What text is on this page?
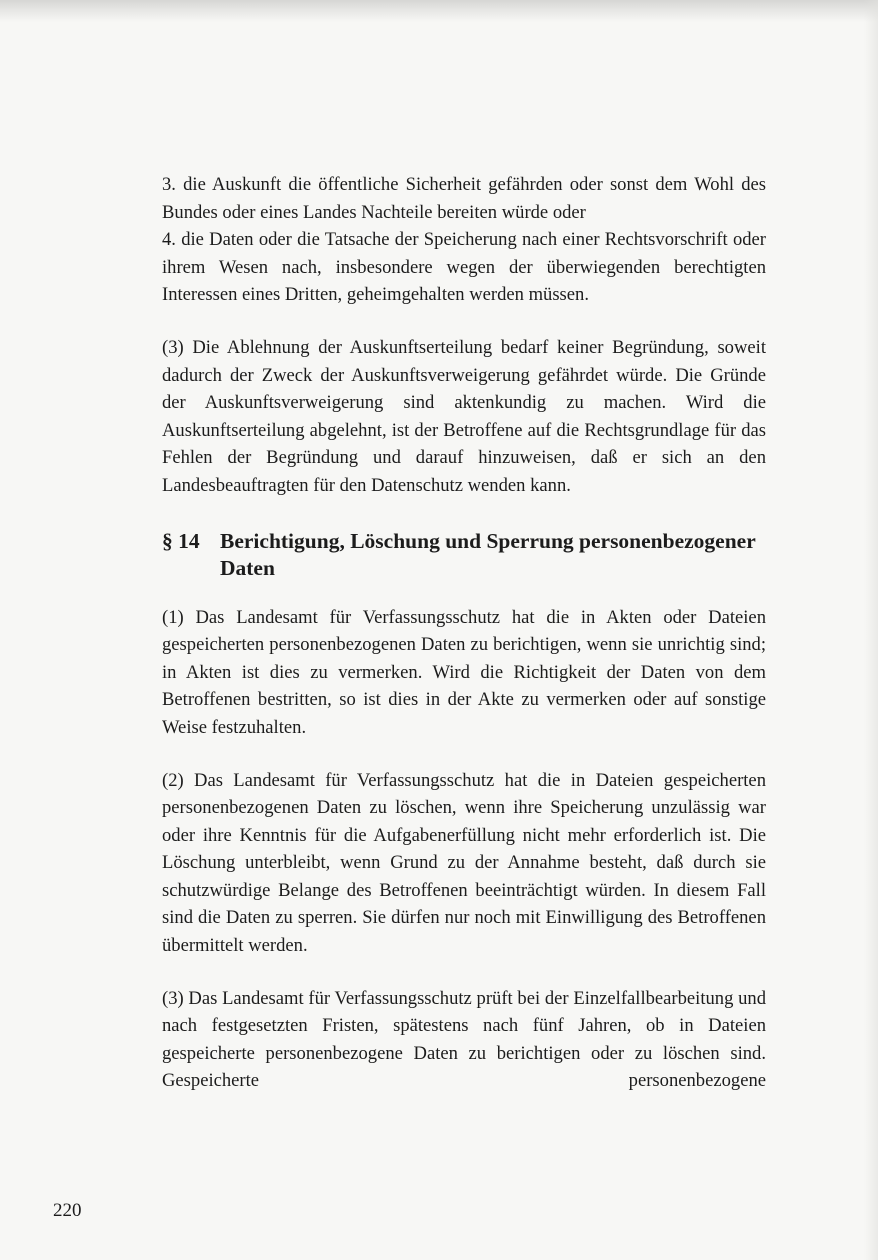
3. die Auskunft die öffentliche Sicherheit gefährden oder sonst dem Wohl des Bundes oder eines Landes Nachteile bereiten würde oder

4. die Daten oder die Tatsache der Speicherung nach einer Rechtsvorschrift oder ihrem Wesen nach, insbesondere wegen der überwiegenden berechtigten Interessen eines Dritten, geheimgehalten werden müssen.

(3) Die Ablehnung der Auskunftserteilung bedarf keiner Begründung, soweit dadurch der Zweck der Auskunftsverweigerung gefährdet würde. Die Gründe der Auskunftsverweigerung sind aktenkundig zu machen. Wird die Auskunftserteilung abgelehnt, ist der Betroffene auf die Rechtsgrundlage für das Fehlen der Begründung und darauf hinzuweisen, daß er sich an den Landesbeauftragten für den Datenschutz wenden kann.

§ 14 Berichtigung, Löschung und Sperrung personenbezogener Daten

(1) Das Landesamt für Verfassungsschutz hat die in Akten oder Dateien gespeicherten personenbezogenen Daten zu berichtigen, wenn sie unrichtig sind; in Akten ist dies zu vermerken. Wird die Richtigkeit der Daten von dem Betroffenen bestritten, so ist dies in der Akte zu vermerken oder auf sonstige Weise festzuhalten.

(2) Das Landesamt für Verfassungsschutz hat die in Dateien gespeicherten personenbezogenen Daten zu löschen, wenn ihre Speicherung unzulässig war oder ihre Kenntnis für die Aufgabenerfüllung nicht mehr erforderlich ist. Die Löschung unterbleibt, wenn Grund zu der Annahme besteht, daß durch sie schutzwürdige Belange des Betroffenen beeinträchtigt würden. In diesem Fall sind die Daten zu sperren. Sie dürfen nur noch mit Einwilligung des Betroffenen übermittelt werden.

(3) Das Landesamt für Verfassungsschutz prüft bei der Einzelfallbearbeitung und nach festgesetzten Fristen, spätestens nach fünf Jahren, ob in Dateien gespeicherte personenbezogene Daten zu berichtigen oder zu löschen sind. Gespeicherte personenbezogene

220
